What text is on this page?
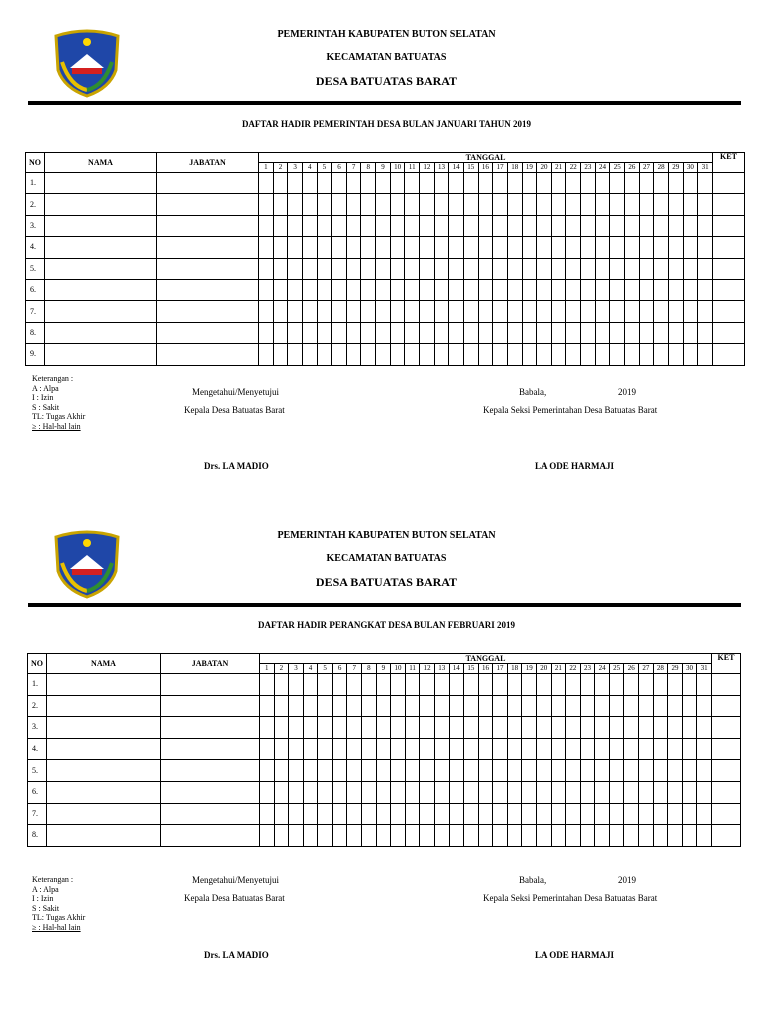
PEMERINTAH KABUPATEN BUTON SELATAN
KECAMATAN BATUATAS
DESA BATUATAS BARAT
DAFTAR HADIR PEMERINTAH DESA BULAN JANUARI TAHUN 2019
NO	NAMA	JABATAN	TANGGAL																															KET
			1	2	3	4	5	6	7	8	9	10	11	12	13	14	15	16	17	18	19	20	21	22	23	24	25	26	27	28	29	30	31	
1.																																		
2.																																		
3.																																		
4.																																		
5.																																		
6.																																		
7.																																		
8.																																		
9.																																		
Keterangan :
A : Alpa
I : Izin
S : Sakit
TL: Tugas Akhir
≥ : Hal-hal lain
Mengetahui/Menyetujui
Kepala Desa Batuatas Barat
Babala,	2019
Kepala Seksi Pemerintahan Desa Batuatas Barat
Drs. LA MADIO	LA ODE HARMAJI
PEMERINTAH KABUPATEN BUTON SELATAN
KECAMATAN BATUATAS
DESA BATUATAS BARAT
DAFTAR HADIR PERANGKAT DESA BULAN FEBRUARI 2019
NO	NAMA	JABATAN	TANGGAL																															KET
			1	2	3	4	5	6	7	8	9	10	11	12	13	14	15	16	17	18	19	20	21	22	23	24	25	26	27	28	29	30	31	
1.																																		
2.																																		
3.																																		
4.																																		
5.																																		
6.																																		
7.																																		
8.																																		
Keterangan :
A : Alpa
I : Izin
S : Sakit
TL: Tugas Akhir
≥ : Hal-hal lain
Mengetahui/Menyetujui
Kepala Desa Batuatas Barat
Babala,	2019
Kepala Seksi Pemerintahan Desa Batuatas Barat
Drs. LA MADIO	LA ODE HARMAJI
